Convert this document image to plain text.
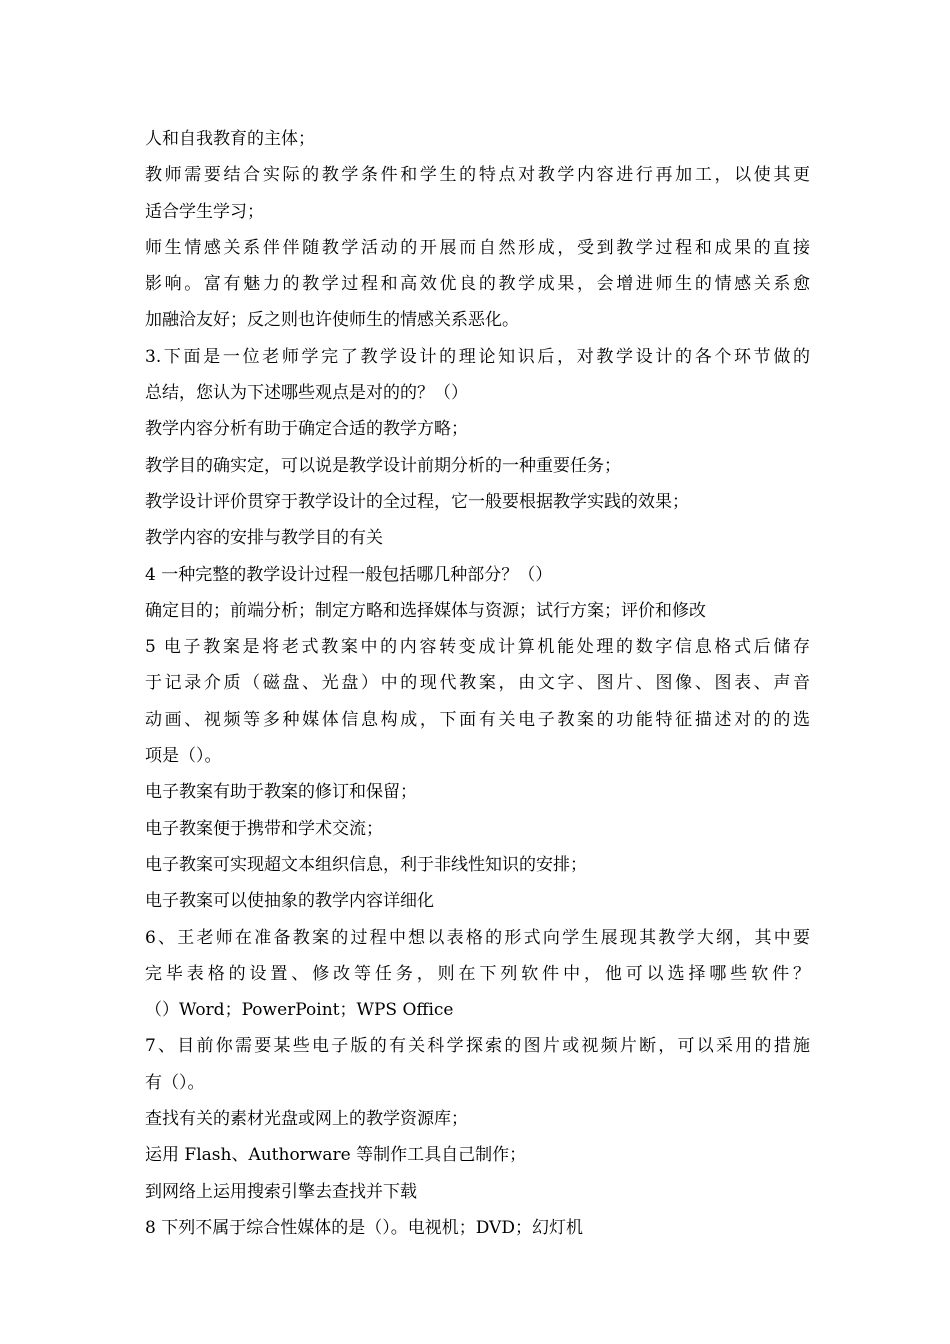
人和自我教育的主体；
教师需要结合实际的教学条件和学生的特点对教学内容进行再加工，以使其更
适合学生学习；
师生情感关系伴伴随教学活动的开展而自然形成，受到教学过程和成果的直接
影响。富有魅力的教学过程和高效优良的教学成果，会增进师生的情感关系愈
加融洽友好；反之则也许使师生的情感关系恶化。
3.下面是一位老师学完了教学设计的理论知识后，对教学设计的各个环节做的
总结，您认为下述哪些观点是对的的？（）
教学内容分析有助于确定合适的教学方略；
教学目的确实定，可以说是教学设计前期分析的一种重要任务；
教学设计评价贯穿于教学设计的全过程，它一般要根据教学实践的效果；
教学内容的安排与教学目的有关
4 一种完整的教学设计过程一般包括哪几种部分？（）
确定目的；前端分析；制定方略和选择媒体与资源；试行方案；评价和修改
5 电子教案是将老式教案中的内容转变成计算机能处理的数字信息格式后储存
于记录介质（磁盘、光盘）中的现代教案，由文字、图片、图像、图表、声音
动画、视频等多种媒体信息构成，下面有关电子教案的功能特征描述对的的选
项是（）。
电子教案有助于教案的修订和保留；
电子教案便于携带和学术交流；
电子教案可实现超文本组织信息，利于非线性知识的安排；
电子教案可以使抽象的教学内容详细化
6、王老师在准备教案的过程中想以表格的形式向学生展现其教学大纲，其中要
完毕表格的设置、修改等任务，则在下列软件中，他可以选择哪些软件？
（）Word；PowerPoint；WPS Office
7、目前你需要某些电子版的有关科学探索的图片或视频片断，可以采用的措施
有（）。
查找有关的素材光盘或网上的教学资源库；
运用 Flash、Authorware 等制作工具自己制作；
到网络上运用搜索引擎去查找并下载
8 下列不属于综合性媒体的是（）。电视机；DVD；幻灯机
